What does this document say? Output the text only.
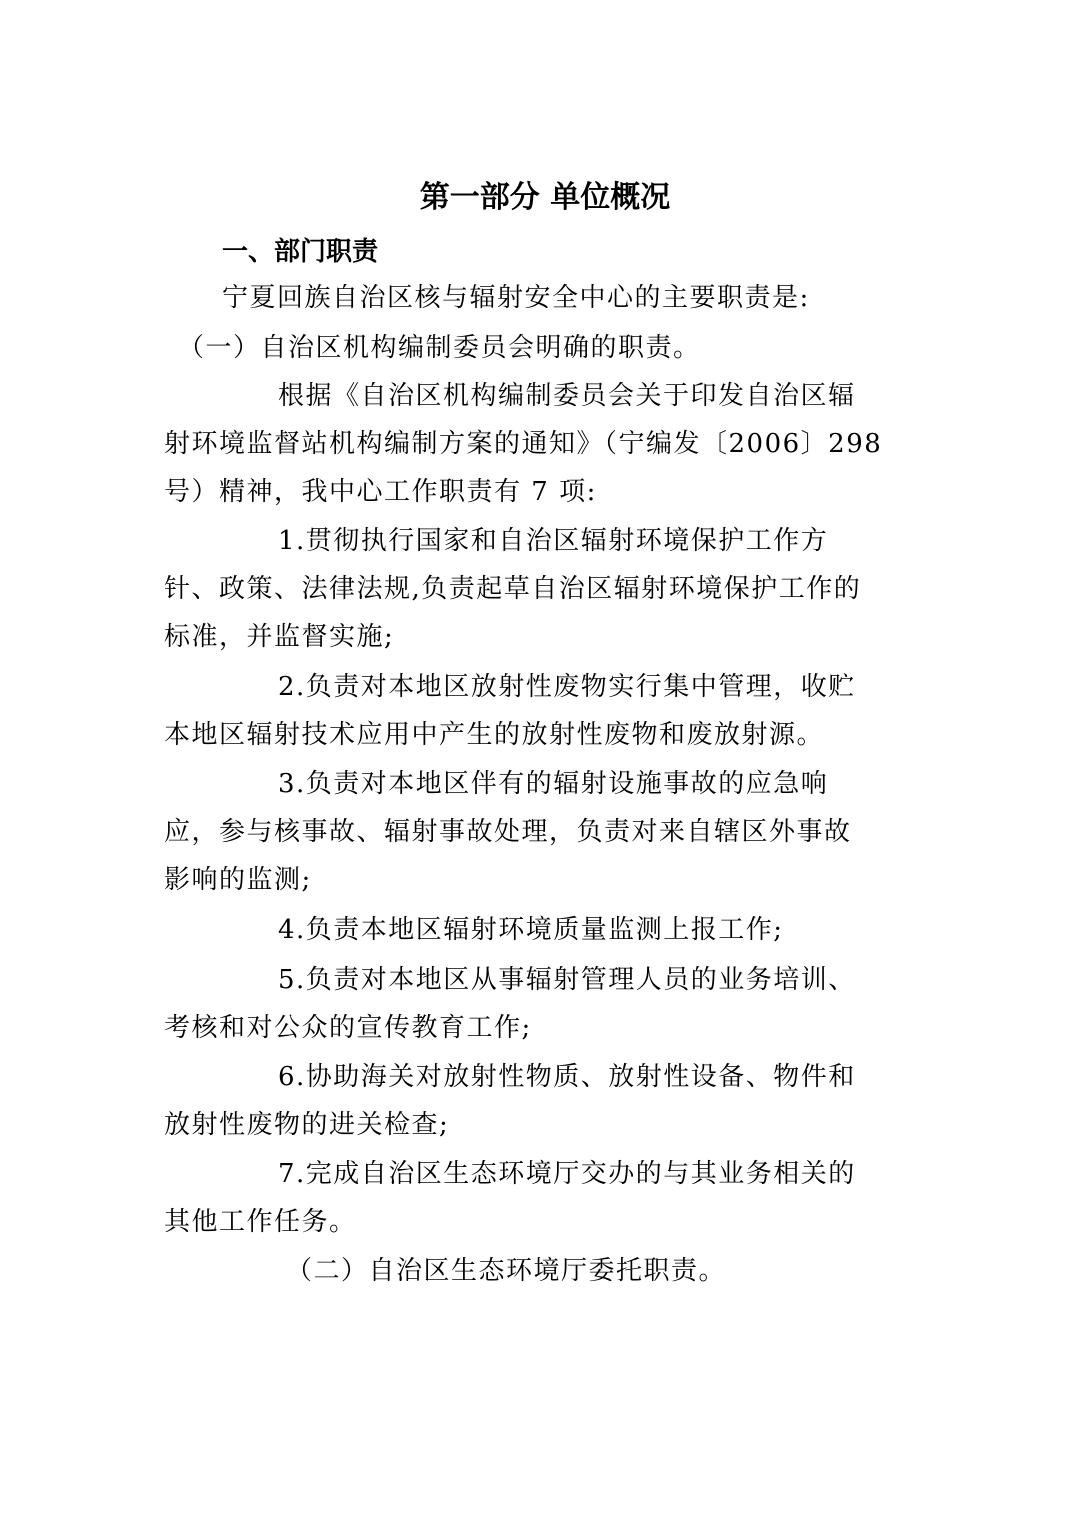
第一部分 单位概况
一、部门职责
宁夏回族自治区核与辐射安全中心的主要职责是:
（一）自治区机构编制委员会明确的职责。
根据《自治区机构编制委员会关于印发自治区辐
射环境监督站机构编制方案的通知》（宁编发〔2006〕298
号）精神，我中心工作职责有 7 项:
1.贯彻执行国家和自治区辐射环境保护工作方
针、政策、法律法规,负责起草自治区辐射环境保护工作的
标准，并监督实施;
2.负责对本地区放射性废物实行集中管理，收贮
本地区辐射技术应用中产生的放射性废物和废放射源。
3.负责对本地区伴有的辐射设施事故的应急响
应，参与核事故、辐射事故处理，负责对来自辖区外事故
影响的监测;
4.负责本地区辐射环境质量监测上报工作;
5.负责对本地区从事辐射管理人员的业务培训、
考核和对公众的宣传教育工作;
6.协助海关对放射性物质、放射性设备、物件和
放射性废物的进关检查;
7.完成自治区生态环境厅交办的与其业务相关的
其他工作任务。
（二）自治区生态环境厅委托职责。
